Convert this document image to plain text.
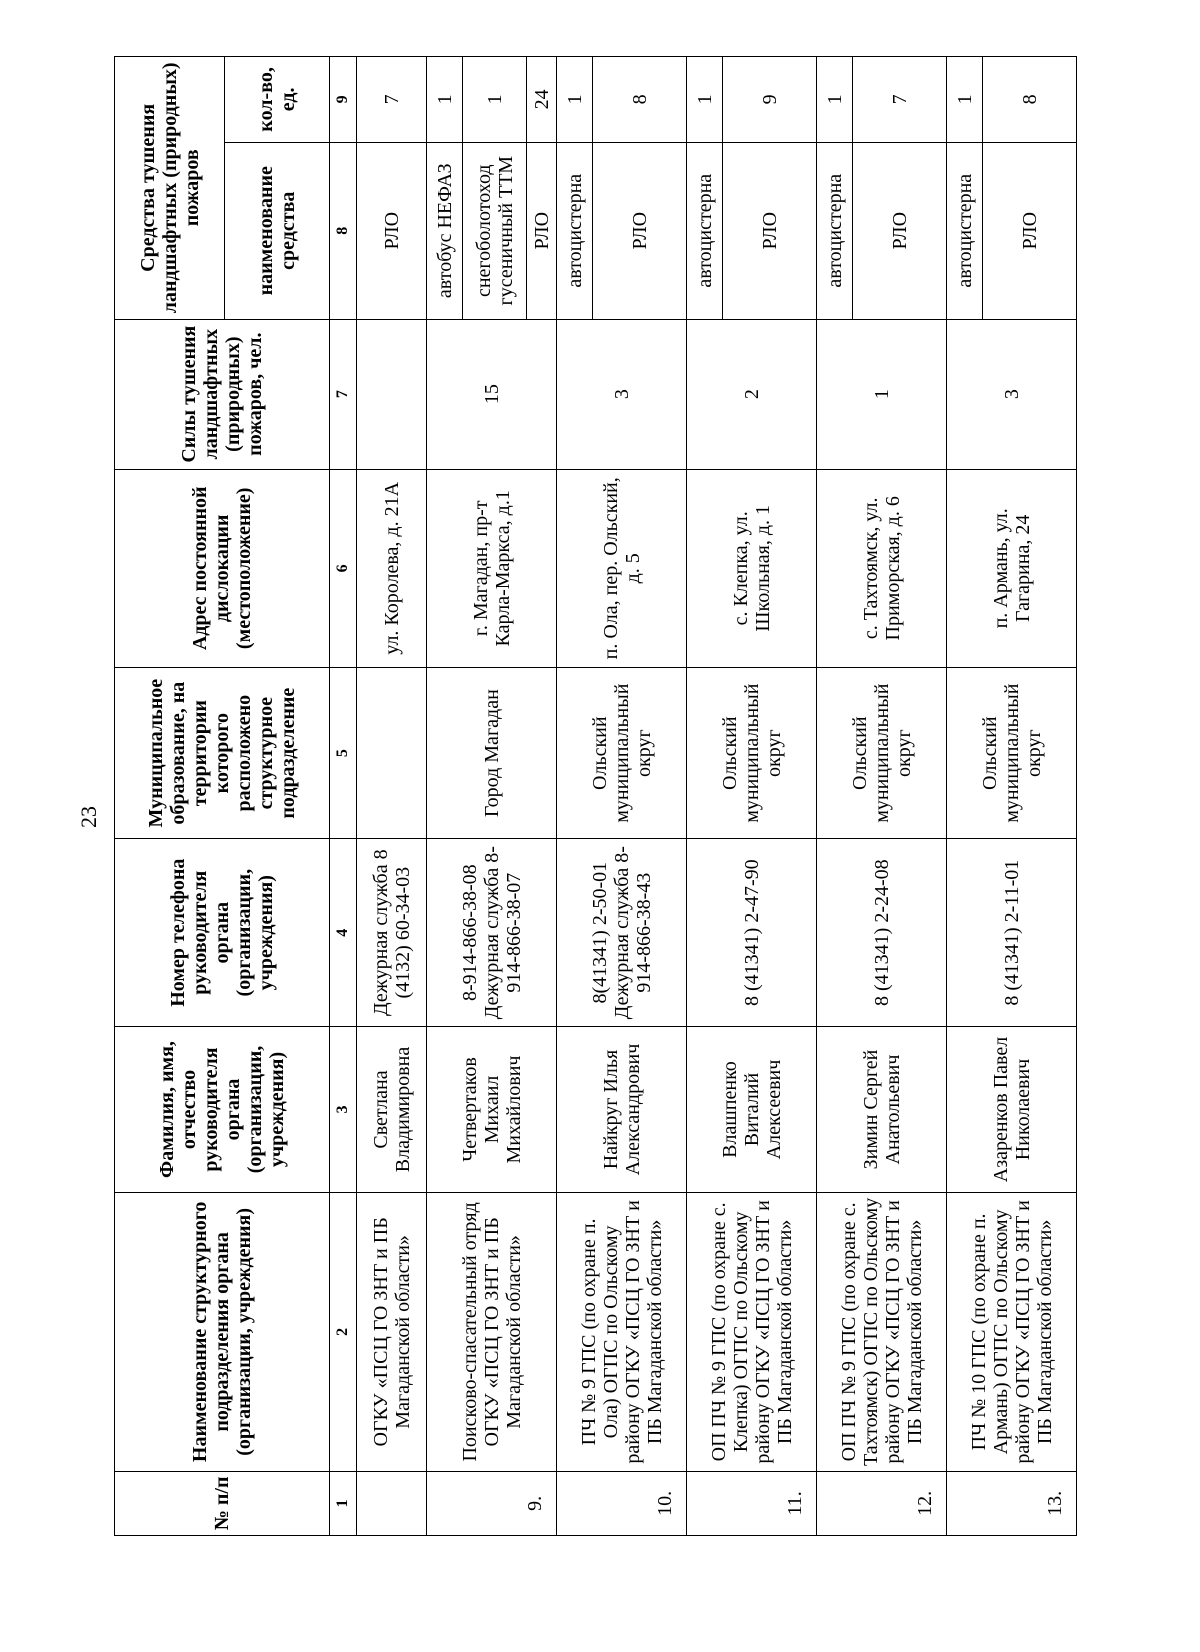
23
№ п/п	Наименование структурного подразделения органа (организации, учреждения)	Фамилия, имя, отчество руководителя органа (организации, учреждения)	Номер телефона руководителя органа (организации, учреждения)	Муниципальное образование, на территории которого расположено структурное подразделение	Адрес постоянной дислокации (местоположение)	Силы тушения ландшафтных (природных) пожаров, чел.	Средства тушения ландшафтных (природных) пожаров	
							наименование средства	кол-во, ед.
1	2	3	4	5	6	7	8	9
	ОГКУ «ПСЦ ГО ЗНТ и ПБ Магаданской области»	Светлана Владимировна	Дежурная служба 8 (4132) 60-34-03		ул. Королева, д. 21А		РЛО	7
9.	Поисково-спасательный отряд ОГКУ «ПСЦ ГО ЗНТ и ПБ Магаданской области»	Четвертаков Михаил Михайлович	8-914-866-38-08 Дежурная служба 8-914-866-38-07	Город Магадан	г. Магадан, пр-т Карла-Маркса, д.1	15	автобус НЕФАЗ	1
							снегоболотоход гусеничный ТТМ	1
							РЛО	24
10.	ПЧ № 9 ГПС (по охране п. Ола) ОГПС по Ольскому району ОГКУ «ПСЦ ГО ЗНТ и ПБ Магаданской области»	Найкруг Илья Александрович	8(41341) 2-50-01 Дежурная служба 8-914-866-38-43	Ольский муниципальный округ	п. Ола, пер. Ольский, д. 5	3	автоцистерна	1
							РЛО	8
11.	ОП ПЧ № 9 ГПС (по охране с. Клепка) ОГПС по Ольскому району ОГКУ «ПСЦ ГО ЗНТ и ПБ Магаданской области»	Влашпенко Виталий Алексеевич	8 (41341) 2-47-90	Ольский муниципальный округ	с. Клепка, ул. Школьная, д. 1	2	автоцистерна	1
							РЛО	9
12.	ОП ПЧ № 9 ГПС (по охране с. Тахтоямск) ОГПС по Ольскому району ОГКУ «ПСЦ ГО ЗНТ и ПБ Магаданской области»	Зимин Сергей Анатольевич	8 (41341) 2-24-08	Ольский муниципальный округ	с. Тахтоямск, ул. Приморская, д. 6	1	автоцистерна	1
							РЛО	7
13.	ПЧ № 10 ГПС (по охране п. Армань) ОГПС по Ольскому району ОГКУ «ПСЦ ГО ЗНТ и ПБ Магаданской области»	Азаренков Павел Николаевич	8 (41341) 2-11-01	Ольский муниципальный округ	п. Армань, ул. Гагарина, 24	3	автоцистерна	1
							РЛО	8
